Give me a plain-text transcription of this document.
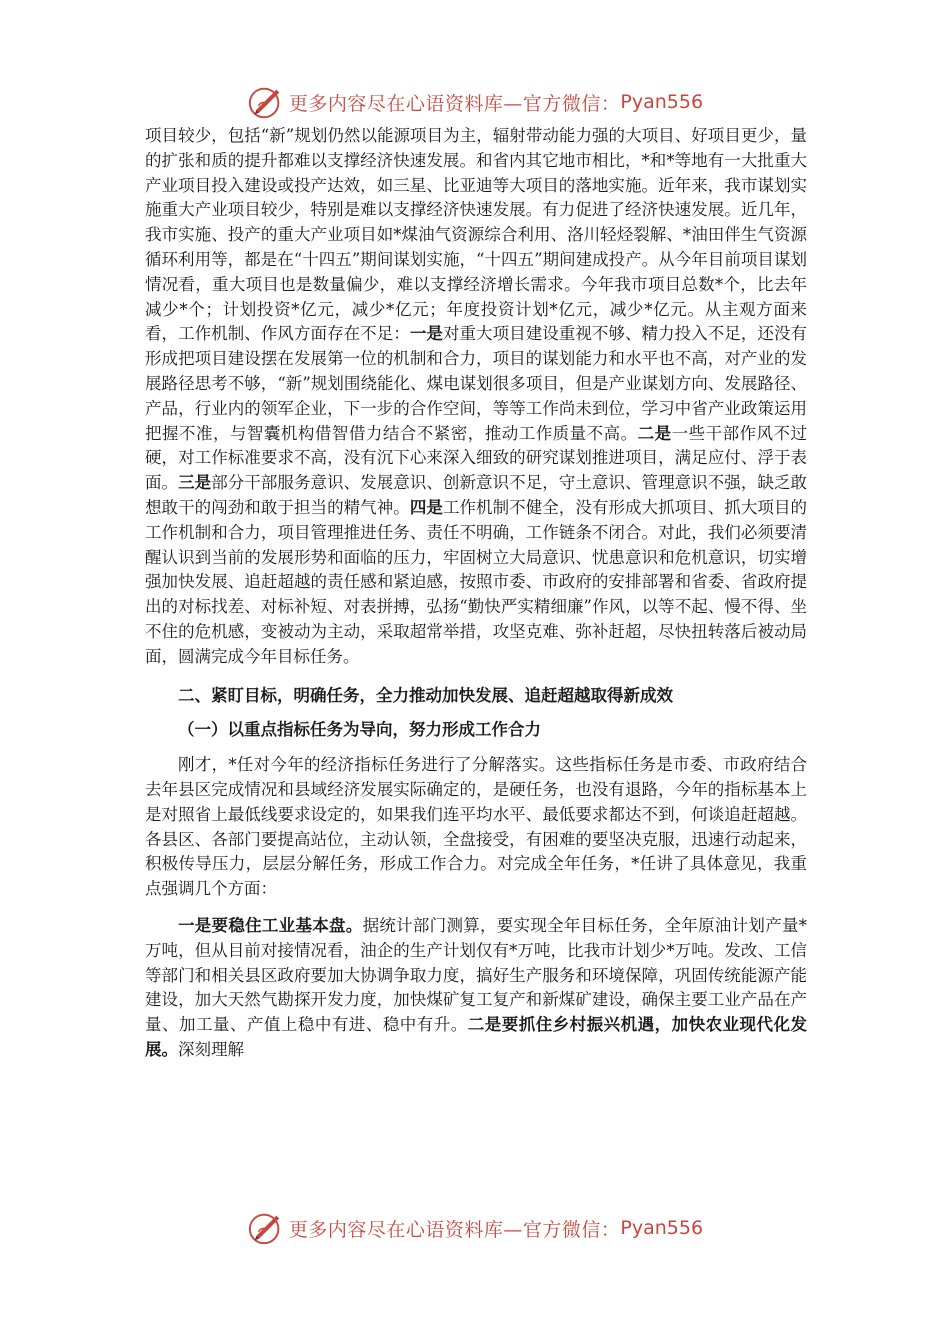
更多内容尽在心语资料库—官方微信： Pyan556

项目较少，包括“新”规划仍然以能源项目为主，辐射带动能力强的大项目、好项目更少，量的扩张和质的提升都难以支撑经济快速发展。和省内其它地市相比，*和*等地有一大批重大产业项目投入建设或投产达效，如三星、比亚迪等大项目的落地实施。近年来，我市谋划实施重大产业项目较少，特别是难以支撑经济快速发展。有力促进了经济快速发展。近几年，我市实施、投产的重大产业项目如*煤油气资源综合利用、洛川轻烃裂解、*油田伴生气资源循环利用等，都是在“十四五”期间谋划实施，“十四五”期间建成投产。从今年目前项目谋划情况看，重大项目也是数量偏少，难以支撑经济增长需求。今年我市项目总数*个，比去年减少*个；计划投资*亿元，减少*亿元；年度投资计划*亿元，减少*亿元。从主观方面来看，工作机制、作风方面存在不足：一是对重大项目建设重视不够、精力投入不足，还没有形成把项目建设摆在发展第一位的机制和合力，项目的谋划能力和水平也不高，对产业的发展路径思考不够，“新”规划围绕能化、煤电谋划很多项目，但是产业谋划方向、发展路径、产品，行业内的领军企业，下一步的合作空间，等等工作尚未到位，学习中省产业政策运用把握不准，与智囊机构借智借力结合不紧密，推动工作质量不高。二是一些干部作风不过硬，对工作标准要求不高，没有沉下心来深入细致的研究谋划推进项目，满足应付、浮于表面。三是部分干部服务意识、发展意识、创新意识不足，守土意识、管理意识不强，缺乏敢想敢干的闯劲和敢于担当的精气神。四是工作机制不健全，没有形成大抓项目、抓大项目的工作机制和合力，项目管理推进任务、责任不明确，工作链条不闭合。对此，我们必须要清醒认识到当前的发展形势和面临的压力，牢固树立大局意识、忧患意识和危机意识，切实增强加快发展、追赶超越的责任感和紧迫感，按照市委、市政府的安排部署和省委、省政府提出的对标找差、对标补短、对表拼搏，弘扬“勤快严实精细廉”作风，以等不起、慢不得、坐不住的危机感，变被动为主动，采取超常举措，攻坚克难、弥补赶超，尽快扭转落后被动局面，圆满完成今年目标任务。

二、紧盯目标，明确任务，全力推动加快发展、追赶超越取得新成效

（一）以重点指标任务为导向，努力形成工作合力

刚才，*任对今年的经济指标任务进行了分解落实。这些指标任务是市委、市政府结合去年县区完成情况和县域经济发展实际确定的，是硬任务，也没有退路，今年的指标基本上是对照省上最低线要求设定的，如果我们连平均水平、最低要求都达不到，何谈追赶超越。各县区、各部门要提高站位，主动认领，全盘接受，有困难的要坚决克服，迅速行动起来，积极传导压力，层层分解任务，形成工作合力。对完成全年任务，*任讲了具体意见，我重点强调几个方面：

一是要稳住工业基本盘。据统计部门测算，要实现全年目标任务，全年原油计划产量*万吨，但从目前对接情况看，油企的生产计划仅有*万吨，比我市计划少*万吨。发改、工信等部门和相关县区政府要加大协调争取力度，搞好生产服务和环境保障，巩固传统能源产能建设，加大天然气勘探开发力度，加快煤矿复工复产和新煤矿建设，确保主要工业产品在产量、加工量、产值上稳中有进、稳中有升。二是要抓住乡村振兴机遇，加快农业现代化发展。深刻理解

更多内容尽在心语资料库—官方微信： Pyan556
